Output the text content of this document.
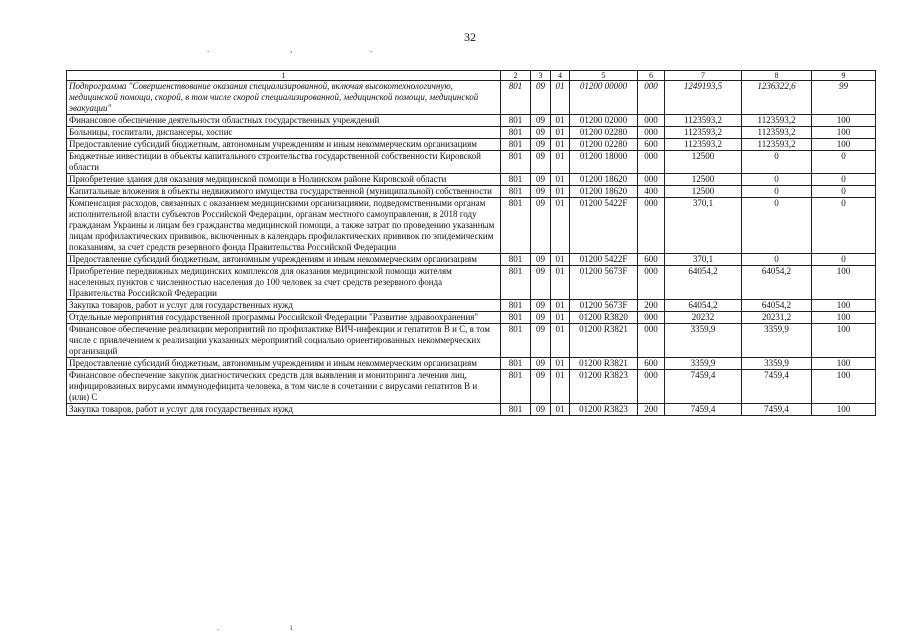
32
.	,	.
1	2	3	4	5	6	7	8	9
Подпрограмма "Совершенствование оказания специализированной, включая высокотехнологичную, медицинской помощи, скорой, в том числе скорой специализированной, медицинской помощи, медицинской эвакуации"	801	09	01	01200 00000	000	1249193,5	1236322,6	99
Финансовое обеспечение деятельности областных государственных учреждений	801	09	01	01200 02000	000	1123593,2	1123593,2	100
Больницы, госпитали, диспансеры, хоспис	801	09	01	01200 02280	000	1123593,2	1123593,2	100
Предоставление субсидий бюджетным, автономным учреждениям и иным некоммерческим организациям	801	09	01	01200 02280	600	1123593,2	1123593,2	100
Бюджетные инвестиции в объекты капитального строительства государственной собственности Кировской области	801	09	01	01200 18000	000	12500	0	0
Приобретение здания для оказания медицинской помощи в Нолинском районе Кировской области	801	09	01	01200 18620	000	12500	0	0
Капитальные вложения в объекты недвижимого имущества государственной (муниципальной) собственности	801	09	01	01200 18620	400	12500	0	0
Компенсация расходов, связанных с оказанием медицинскими организациями, подведомственными органам исполнительной власти субъектов Российской Федерации, органам местного самоуправления, в 2018 году гражданам Украины и лицам без гражданства медицинской помощи, а также затрат по проведению указанным лицам профилактических прививок, включенных в календарь профилактических прививок по эпидемическим показаниям, за счет средств резервного фонда Правительства Российской Федерации	801	09	01	01200 5422F	000	370,1	0	0
Предоставление субсидий бюджетным, автономным учреждениям и иным некоммерческим организациям	801	09	01	01200 5422F	600	370,1	0	0
Приобретение передвижных медицинских комплексов для оказания медицинской помощи жителям населенных пунктов с численностью населения до 100 человек за счет средств резервного фонда Правительства Российской Федерации	801	09	01	01200 5673F	000	64054,2	64054,2	100
Закупка товаров, работ и услуг для государственных нужд	801	09	01	01200 5673F	200	64054,2	64054,2	100
Отдельные мероприятия государственной программы Российской Федерации "Развитие здравоохранения"	801	09	01	01200 R3820	000	20232	20231,2	100
Финансовое обеспечение реализации мероприятий по профилактике ВИЧ-инфекции и гепатитов В и С, в том числе с привлечением к реализации указанных мероприятий социально ориентированных некоммерческих организаций	801	09	01	01200 R3821	000	3359,9	3359,9	100
Предоставление субсидий бюджетным, автономным учреждениям и иным некоммерческим организациям	801	09	01	01200 R3821	600	3359,9	3359,9	100
Финансовое обеспечение закупок диагностических средств для выявления и мониторинга лечения лиц, инфицированных вирусами иммунодефицита человека, в том числе в сочетании с вирусами гепатитов В и (или) С	801	09	01	01200 R3823	000	7459,4	7459,4	100
Закупка товаров, работ и услуг для государственных нужд	801	09	01	01200 R3823	200	7459,4	7459,4	100
.	ı
